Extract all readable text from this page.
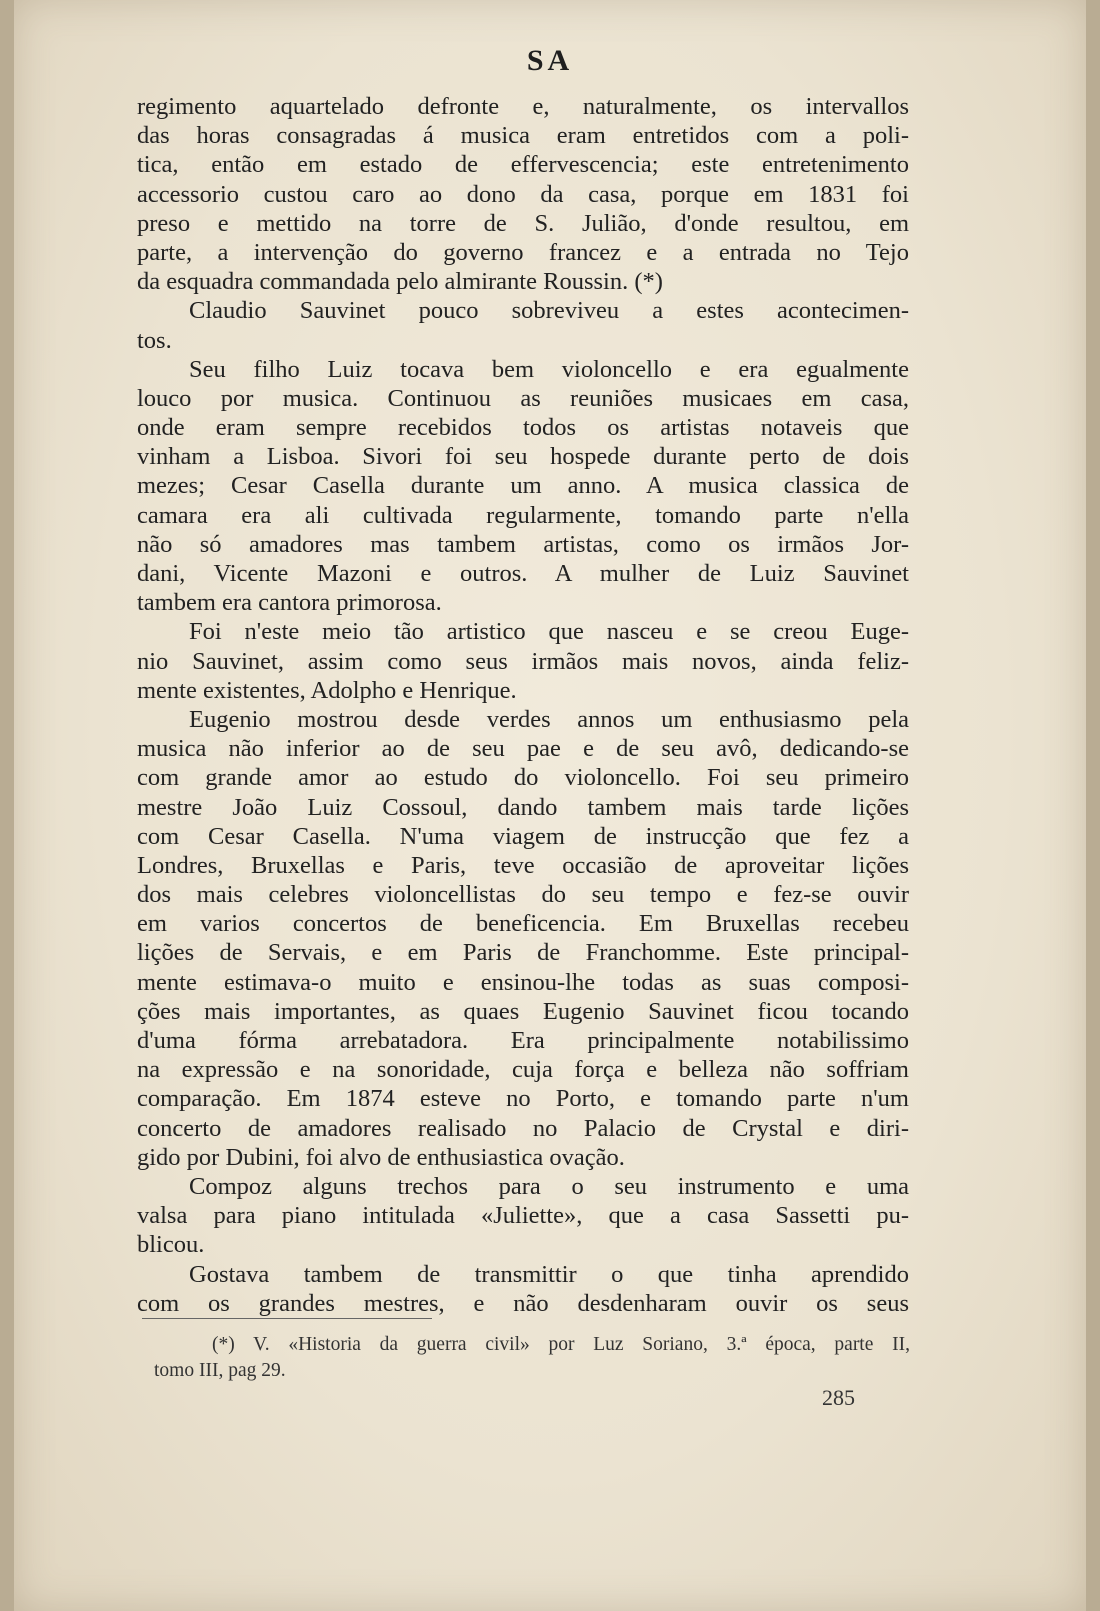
SA
regimento aquartelado defronte e, naturalmente, os intervallos
das horas consagradas á musica eram entretidos com a poli-
tica, então em estado de effervescencia; este entretenimento
accessorio custou caro ao dono da casa, porque em 1831 foi
preso e mettido na torre de S. Julião, d'onde resultou, em
parte, a intervenção do governo francez e a entrada no Tejo
da esquadra commandada pelo almirante Roussin. (*)
Claudio Sauvinet pouco sobreviveu a estes acontecimen-
tos.
Seu filho Luiz tocava bem violoncello e era egualmente
louco por musica. Continuou as reuniões musicaes em casa,
onde eram sempre recebidos todos os artistas notaveis que
vinham a Lisboa. Sivori foi seu hospede durante perto de dois
mezes; Cesar Casella durante um anno. A musica classica de
camara era ali cultivada regularmente, tomando parte n'ella
não só amadores mas tambem artistas, como os irmãos Jor-
dani, Vicente Mazoni e outros. A mulher de Luiz Sauvinet
tambem era cantora primorosa.
Foi n'este meio tão artistico que nasceu e se creou Euge-
nio Sauvinet, assim como seus irmãos mais novos, ainda feliz-
mente existentes, Adolpho e Henrique.
Eugenio mostrou desde verdes annos um enthusiasmo pela
musica não inferior ao de seu pae e de seu avô, dedicando-se
com grande amor ao estudo do violoncello. Foi seu primeiro
mestre João Luiz Cossoul, dando tambem mais tarde lições
com Cesar Casella. N'uma viagem de instrucção que fez a
Londres, Bruxellas e Paris, teve occasião de aproveitar lições
dos mais celebres violoncellistas do seu tempo e fez-se ouvir
em varios concertos de beneficencia. Em Bruxellas recebeu
lições de Servais, e em Paris de Franchomme. Este principal-
mente estimava-o muito e ensinou-lhe todas as suas composi-
ções mais importantes, as quaes Eugenio Sauvinet ficou tocando
d'uma fórma arrebatadora. Era principalmente notabilissimo
na expressão e na sonoridade, cuja força e belleza não soffriam
comparação. Em 1874 esteve no Porto, e tomando parte n'um
concerto de amadores realisado no Palacio de Crystal e diri-
gido por Dubini, foi alvo de enthusiastica ovação.
Compoz alguns trechos para o seu instrumento e uma
valsa para piano intitulada «Juliette», que a casa Sassetti pu-
blicou.
Gostava tambem de transmittir o que tinha aprendido
com os grandes mestres, e não desdenharam ouvir os seus
(*) V. «Historia da guerra civil» por Luz Soriano, 3.ª época, parte II,
tomo III, pag 29.
285
